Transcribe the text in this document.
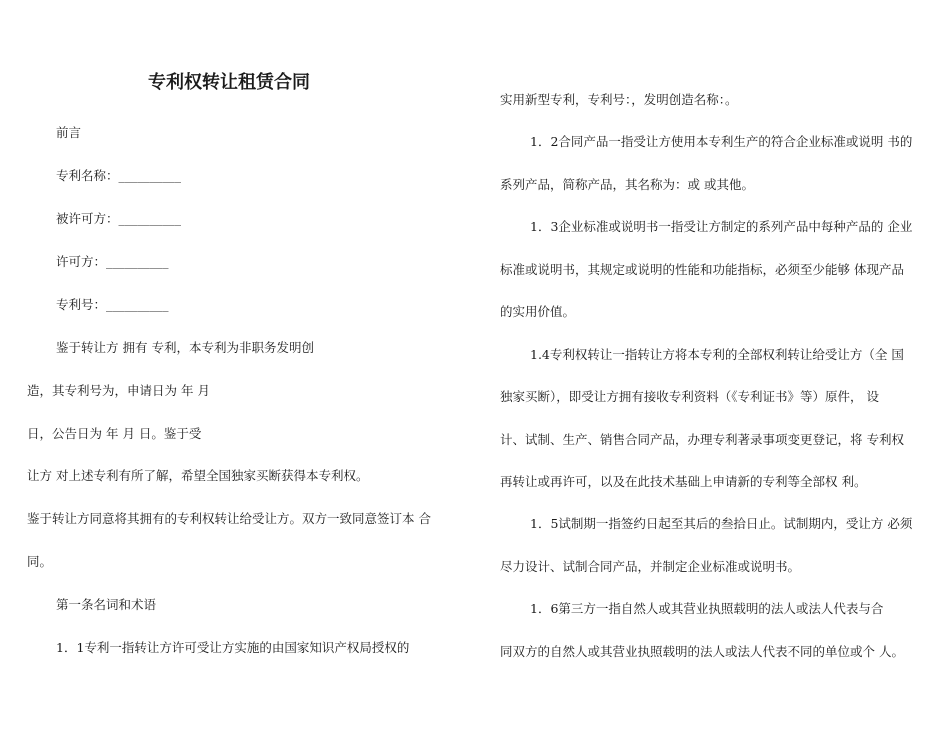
专利权转让租赁合同
前言
专利名称：__________
被许可方：__________
许可方：__________
专利号：__________
鉴于转让方 拥有 专利，本专利为非职务发明创
造，其专利号为，申请日为 年 月
日，公告日为 年 月 日。鉴于受
让方 对上述专利有所了解，希望全国独家买断获得本专利权。
鉴于转让方同意将其拥有的专利权转让给受让方。双方一致同意签订本 合
同。
第一条名词和术语
1．1专利一指转让方许可受让方实施的由国家知识产权局授权的
实用新型专利，专利号：，发明创造名称：。
1．2合同产品一指受让方使用本专利生产的符合企业标准或说明 书的
系列产品，简称产品，其名称为：或 或其他。
1．3企业标准或说明书一指受让方制定的系列产品中每种产品的 企业
标准或说明书，其规定或说明的性能和功能指标，必须至少能够 体现产品
的实用价值。
1.4专利权转让一指转让方将本专利的全部权利转让给受让方（全 国
独家买断），即受让方拥有接收专利资料（《专利证书》等）原件， 设
计、试制、生产、销售合同产品，办理专利著录事项变更登记，将 专利权
再转让或再许可，以及在此技术基础上申请新的专利等全部权 利。
1．5试制期一指签约日起至其后的叁拾日止。试制期内，受让方 必须
尽力设计、试制合同产品，并制定企业标准或说明书。
1．6第三方一指自然人或其营业执照载明的法人或法人代表与合
同双方的自然人或其营业执照载明的法人或法人代表不同的单位或个 人。
